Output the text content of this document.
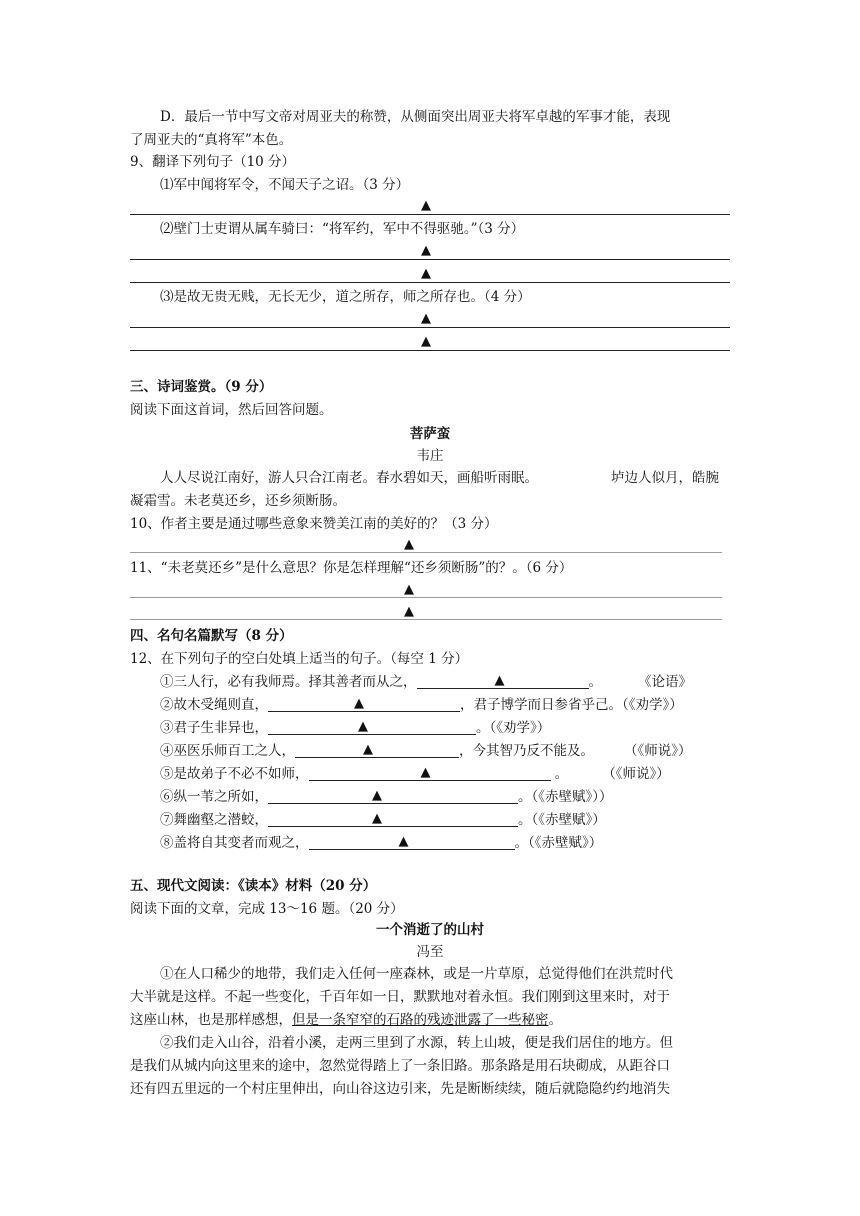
D．最后一节中写文帝对周亚夫的称赞，从侧面突出周亚夫将军卓越的军事才能，表现
了周亚夫的“真将军”本色。
9、翻译下列句子（10 分）
⑴军中闻将军令，不闻天子之诏。（3 分）
▲
⑵壁门士吏谓从属车骑曰：“将军约，军中不得驱驰。”（3 分）
▲
▲
⑶是故无贵无贱，无长无少，道之所存，师之所存也。（4 分）
▲
▲
三、诗词鉴赏。（9 分）
阅读下面这首词，然后回答问题。
菩萨蛮
韦庄
人人尽说江南好，游人只合江南老。春水碧如天，画船听雨眠。	垆边人似月，皓腕
凝霜雪。未老莫还乡，还乡须断肠。
10、作者主要是通过哪些意象来赞美江南的美好的？（3 分）
▲
11、“未老莫还乡”是什么意思？你是怎样理解“还乡须断肠”的？。（6 分）
▲
▲
四、名句名篇默写（8 分）
12、在下列句子的空白处填上适当的句子。（每空 1 分）
①三人行，必有我师焉。择其善者而从之，	▲	。	《论语》
②故木受绳则直，	▲	，君子博学而日参省乎己。（《劝学》）
③君子生非异也，	▲	。（《劝学》）
④巫医乐师百工之人，	▲	，今其智乃反不能及。 （《师说》）
⑤是故弟子不必不如师，	▲	。	（《师说》）
⑥纵一苇之所如，	▲	。（《赤壁赋》））
⑦舞幽壑之潜蛟，	▲	。（《赤壁赋》）
⑧盖将自其变者而观之，	▲	。（《赤壁赋》）
五、现代文阅读：《读本》材料（20 分）
阅读下面的文章，完成 13～16 题。（20 分）
一个消逝了的山村
冯至
①在人口稀少的地带，我们走入任何一座森林，或是一片草原，总觉得他们在洪荒时代
大半就是这样。不起一些变化，千百年如一日，默默地对着永恒。我们刚到这里来时，对于
这座山林，也是那样感想，但是一条窄窄的石路的残迹泄露了一些秘密。
②我们走入山谷，沿着小溪，走两三里到了水源，转上山坡，便是我们居住的地方。但
是我们从城内向这里来的途中，忽然觉得踏上了一条旧路。那条路是用石块砌成，从距谷口
还有四五里远的一个村庄里伸出，向山谷这边引来，先是断断续续，随后就隐隐约约地消失
